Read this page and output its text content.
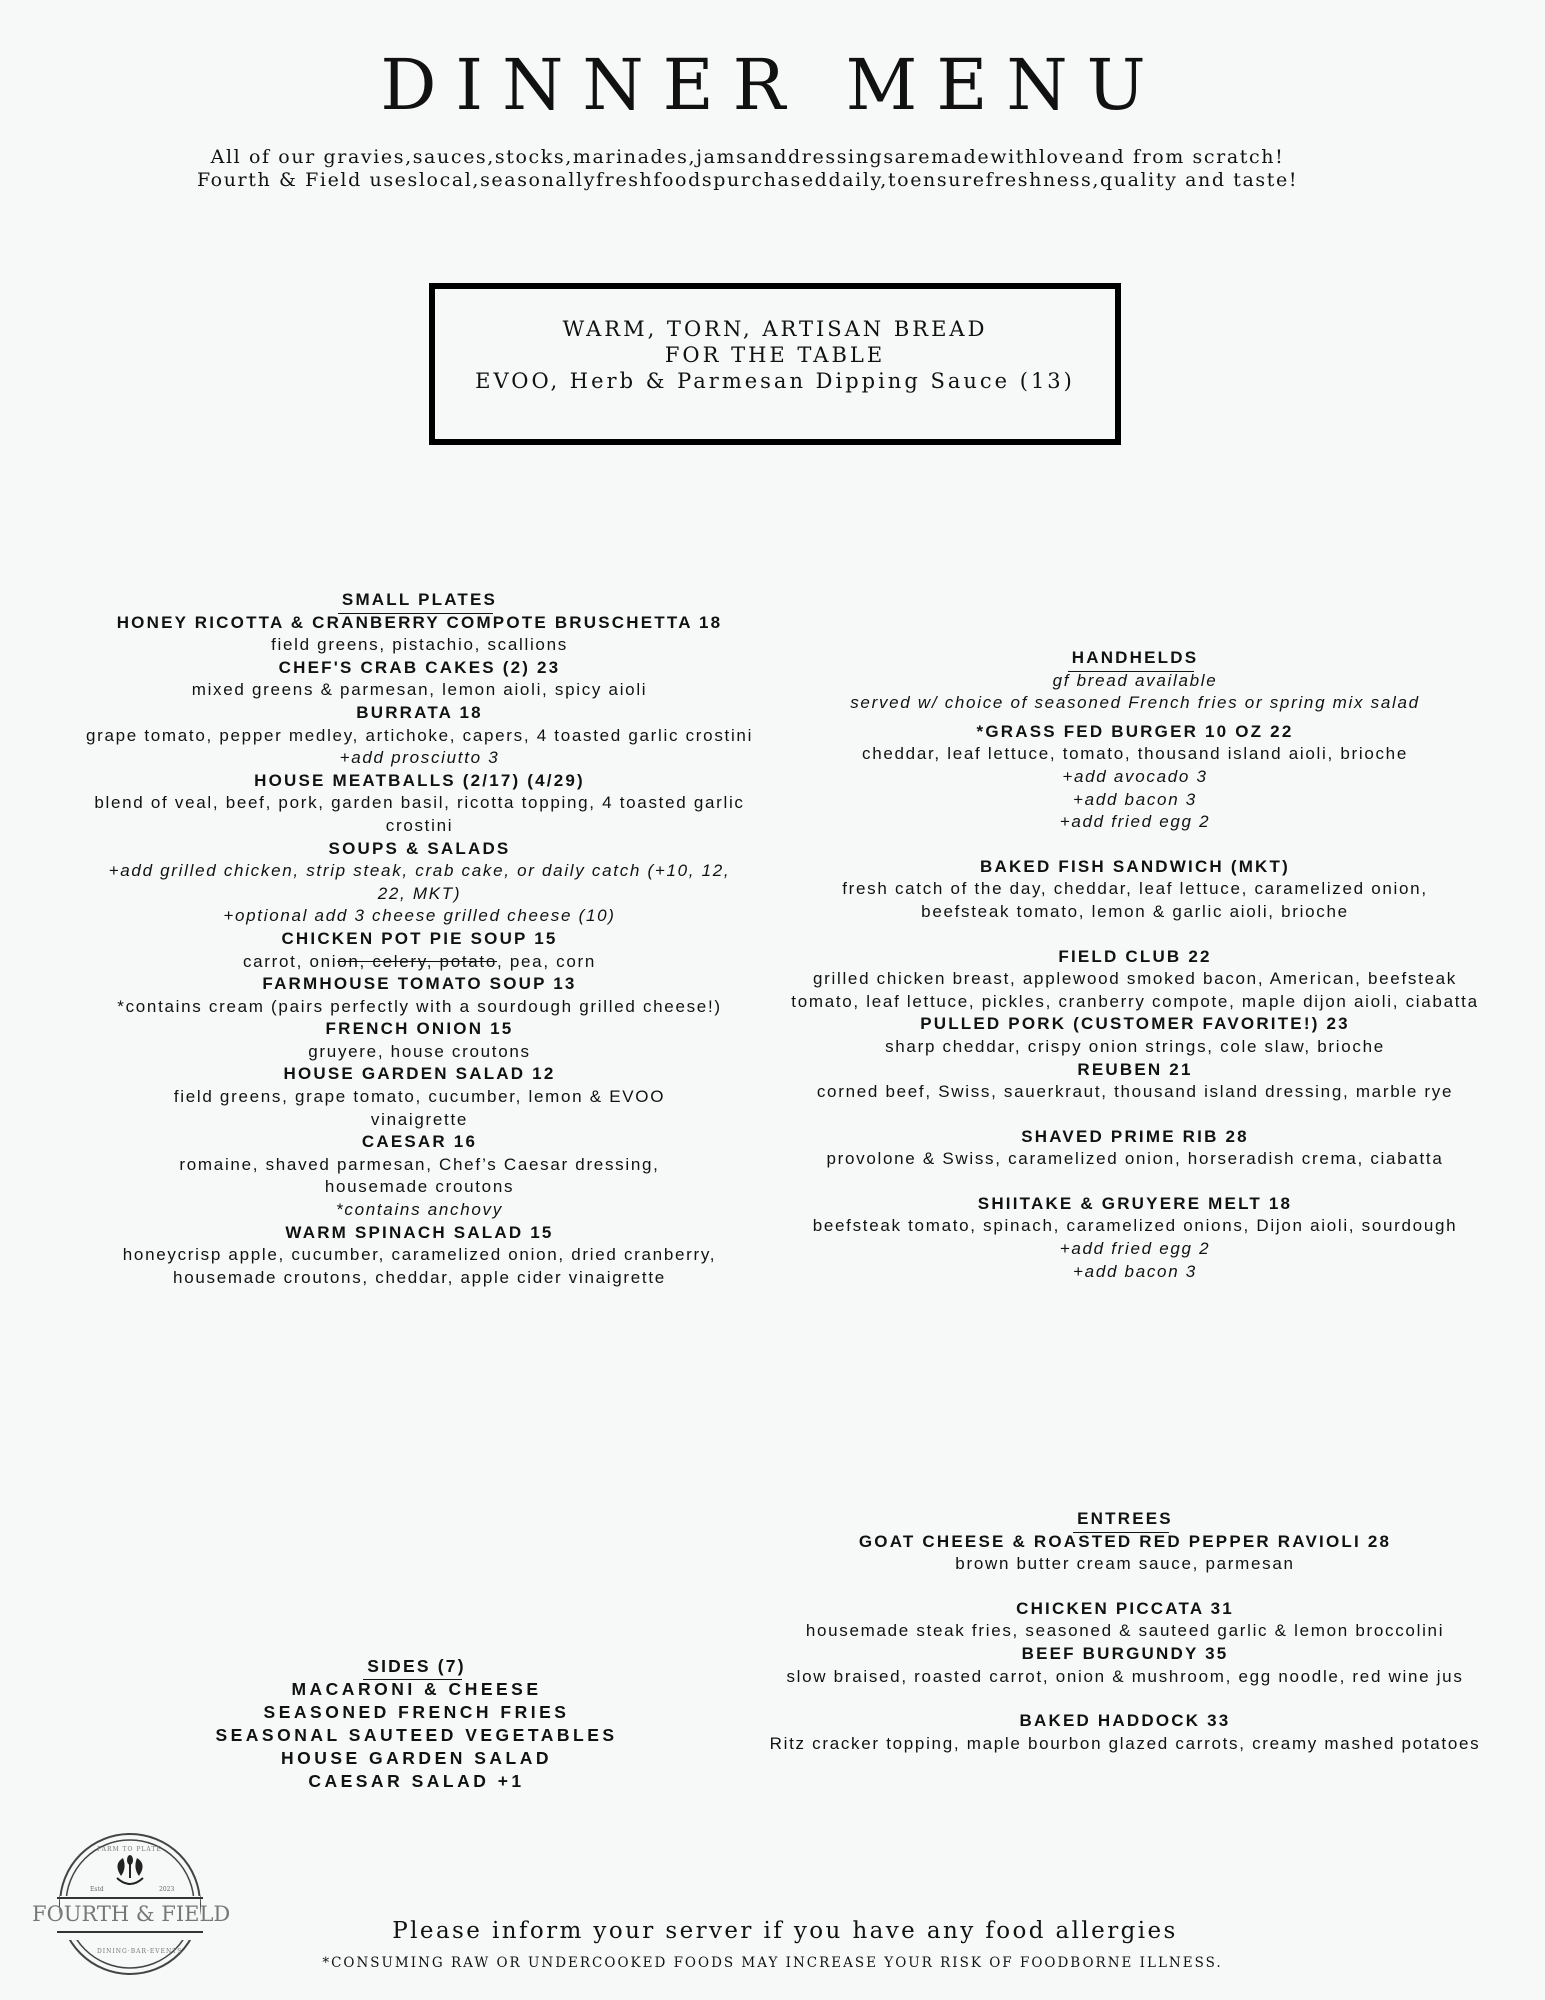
DINNER MENU
All of our gravies,sauces,stocks,marinades,jamsanddressingsaremadewithloveand from scratch!
Fourth & Field useslocal,seasonallyfreshfoodspurchaseddaily,toensurefreshness,quality and taste!
WARM, TORN, ARTISAN BREAD
FOR THE TABLE
EVOO, Herb & Parmesan Dipping Sauce (13)
SMALL PLATES
HONEY RICOTTA & CRANBERRY COMPOTE BRUSCHETTA 18
field greens, pistachio, scallions
CHEF'S CRAB CAKES (2) 23
mixed greens & parmesan, lemon aioli, spicy aioli
BURRATA 18
grape tomato, pepper medley, artichoke, capers, 4 toasted garlic crostini
+add prosciutto 3
HOUSE MEATBALLS (2/17) (4/29)
blend of veal, beef, pork, garden basil, ricotta topping, 4 toasted garlic crostini
SOUPS & SALADS
+add grilled chicken, strip steak, crab cake, or daily catch (+10, 12, 22, MKT)
+optional add 3 cheese grilled cheese (10)
CHICKEN POT PIE SOUP 15
carrot, onion, celery, potato, pea, corn
FARMHOUSE TOMATO SOUP 13
*contains cream (pairs perfectly with a sourdough grilled cheese!)
FRENCH ONION 15
gruyere, house croutons
HOUSE GARDEN SALAD 12
field greens, grape tomato, cucumber, lemon & EVOO vinaigrette
CAESAR 16
romaine, shaved parmesan, Chef’s Caesar dressing, housemade croutons
*contains anchovy
WARM SPINACH SALAD 15
honeycrisp apple, cucumber, caramelized onion, dried cranberry, housemade croutons, cheddar, apple cider vinaigrette
HANDHELDS
gf bread available
served w/ choice of seasoned French fries or spring mix salad
*GRASS FED BURGER 10 OZ 22
cheddar, leaf lettuce, tomato, thousand island aioli, brioche
+add avocado 3
+add bacon 3
+add fried egg 2
BAKED FISH SANDWICH (MKT)
fresh catch of the day, cheddar, leaf lettuce, caramelized onion, beefsteak tomato, lemon & garlic aioli, brioche
FIELD CLUB 22
grilled chicken breast, applewood smoked bacon, American, beefsteak tomato, leaf lettuce, pickles, cranberry compote, maple dijon aioli, ciabatta
PULLED PORK (CUSTOMER FAVORITE!) 23
sharp cheddar, crispy onion strings, cole slaw, brioche
REUBEN 21
corned beef, Swiss, sauerkraut, thousand island dressing, marble rye
SHAVED PRIME RIB 28
provolone & Swiss, caramelized onion, horseradish crema, ciabatta
SHIITAKE & GRUYERE MELT 18
beefsteak tomato, spinach, caramelized onions, Dijon aioli, sourdough
+add fried egg 2
+add bacon 3
ENTREES
GOAT CHEESE & ROASTED RED PEPPER RAVIOLI 28
brown butter cream sauce, parmesan
CHICKEN PICCATA 31
housemade steak fries, seasoned & sauteed garlic & lemon broccolini
BEEF BURGUNDY 35
slow braised, roasted carrot, onion & mushroom, egg noodle, red wine jus
BAKED HADDOCK 33
Ritz cracker topping, maple bourbon glazed carrots, creamy mashed potatoes
SIDES (7)
MACARONI & CHEESE
SEASONED FRENCH FRIES
SEASONAL SAUTEED VEGETABLES
HOUSE GARDEN SALAD
CAESAR SALAD +1
FARM TO PLATE
Estd	2023
FOURTH & FIELD
DINING·BAR·EVENTS
Please inform your server if you have any food allergies
*CONSUMING RAW OR UNDERCOOKED FOODS MAY INCREASE YOUR RISK OF FOODBORNE ILLNESS.
